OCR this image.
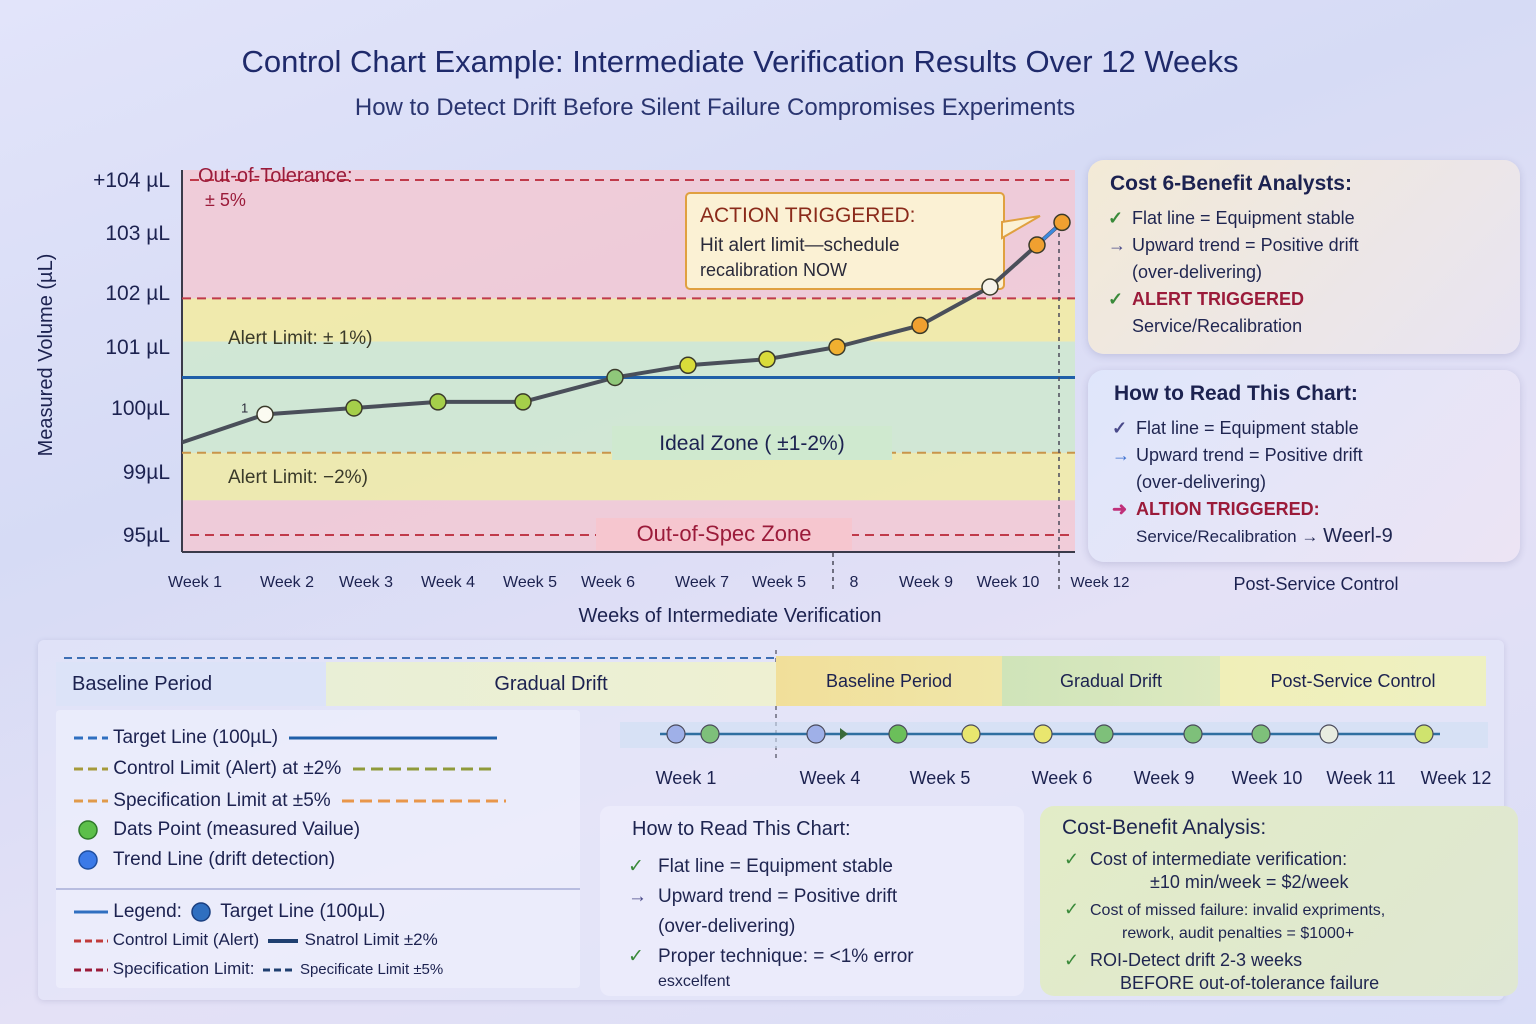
Control Chart Example: Intermediate Verification Results Over 12 Weeks
How to Detect Drift Before Silent Failure Compromises Experiments
+104 µL
103 µL
102 µL
101 µL
100µL
99µL
95µL
Measured Volume (µL)
Week 1 Week 2 Week 3 Week 4 Week 5 Week 6	Week 7 Week 5	8	Week 9 Week 10 Week 12	Post-Service Control
Weeks of Intermediate Verification
Out-of-Tolerance:
± 5%
Alert Limit: ± 1%)
Ideal Zone ( ±1-2%)
Alert Limit: −2%)
Out-of-Spec Zone
ACTION TRIGGERED:
Hit alert limit—schedule
recalibration NOW
1
Cost 6-Benefit Analysts:
✓ Flat line = Equipment stable
→ Upward trend = Positive drift
(over-delivering)
✓ ALERT TRIGGERED
Service/Recalibration
How to Read This Chart:
✓ Flat line = Equipment stable
→ Upward trend = Positive drift
(over-delivering)
➜ ALTION TRIGGERED:
Service/Recalibration → Weerl-9
Baseline Period	Gradual Drift	Baseline Period	Gradual Drift	Post-Service Control
Week 1	Week 4	Week 5	Week 6 Week 9 Week 10 Week 11 Week 12
Target Line (100µL)
Control Limit (Alert) at ±2%
Specification Limit at ±5%
Dats Point (measured Vailue)
Trend Line (drift detection)
Legend: Target Line (100µL)
Control Limit (Alert)	Snatrol Limit ±2%
Specification Limit:	Specificate Limit ±5%
How to Read This Chart:
✓ Flat line = Equipment stable
→ Upward trend = Positive drift
(over-delivering)
✓ Proper technique: = <1% error
esxcelfent
Cost-Benefit Analysis:
✓ Cost of intermediate verification:
±10 min/week = $2/week
✓ Cost of missed failure: invalid expriments,
rework, audit penalties = $1000+
✓ ROI-Detect drift 2-3 weeks
BEFORE out-of-tolerance failure
